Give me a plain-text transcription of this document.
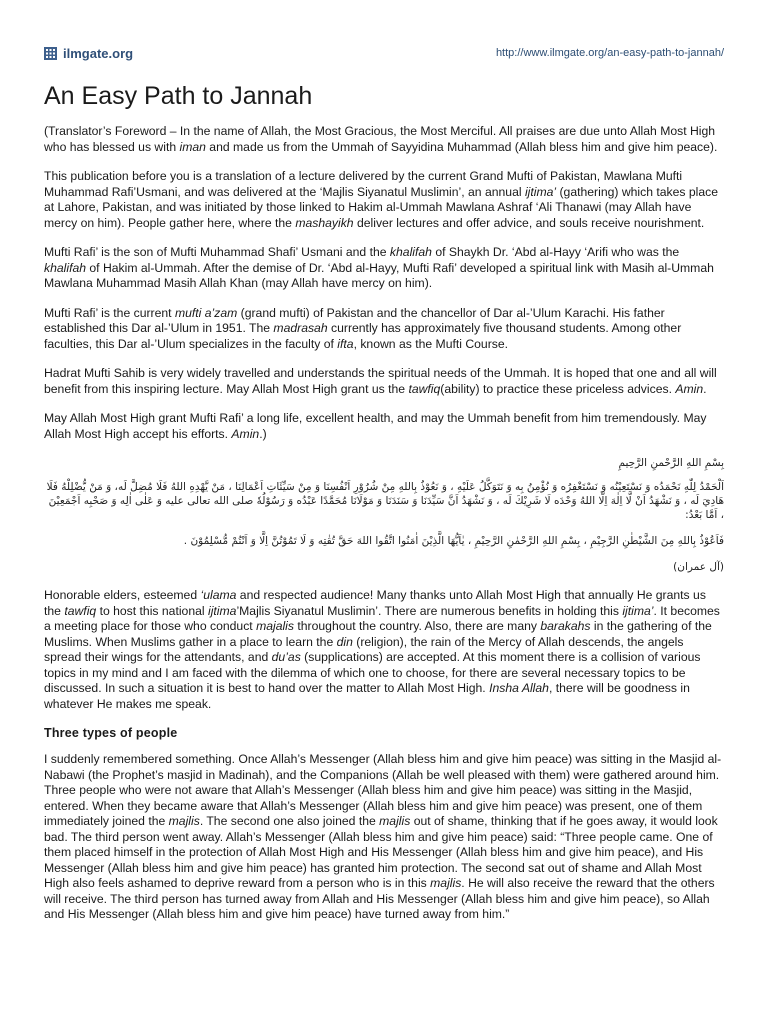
ilmgate.org	http://www.ilmgate.org/an-easy-path-to-jannah/
An Easy Path to Jannah

(Translator’s Foreword – In the name of Allah, the Most Gracious, the Most Merciful. All praises are due unto Allah Most High who has blessed us with iman and made us from the Ummah of Sayyidina Muhammad (Allah bless him and give him peace).

This publication before you is a translation of a lecture delivered by the current Grand Mufti of Pakistan, Mawlana Mufti Muhammad Rafi’Usmani, and was delivered at the ‘Majlis Siyanatul Muslimin’, an annual ijtima’ (gathering) which takes place at Lahore, Pakistan, and was initiated by those linked to Hakim al-Ummah Mawlana Ashraf ‘Ali Thanawi (may Allah have mercy on him). People gather here, where the mashayikh deliver lectures and offer advice, and souls receive nourishment.

Mufti Rafi’ is the son of Mufti Muhammad Shafi’ Usmani and the khalifah of Shaykh Dr. ‘Abd al-Hayy ‘Arifi who was the khalifah of Hakim al-Ummah. After the demise of Dr. ‘Abd al-Hayy, Mufti Rafi’ developed a spiritual link with Masih al-Ummah Mawlana Muhammad Masih Allah Khan (may Allah have mercy on him).

Mufti Rafi’ is the current mufti a’zam (grand mufti) of Pakistan and the chancellor of Dar al-’Ulum Karachi. His father established this Dar al-’Ulum in 1951. The madrasah currently has approximately five thousand students. Among other faculties, this Dar al-’Ulum specializes in the faculty of ifta, known as the Mufti Course.

Hadrat Mufti Sahib is very widely travelled and understands the spiritual needs of the Ummah. It is hoped that one and all will benefit from this inspiring lecture. May Allah Most High grant us the tawfiq(ability) to practice these priceless advices. Amin.

May Allah Most High grant Mufti Rafi’ a long life, excellent health, and may the Ummah benefit from him tremendously. May Allah Most High accept his efforts. Amin.)

بِسْمِ اللهِ الرَّحْمنِ الرَّحِيمِ
اَلْحَمْدُ لِلّٰهِ نَحْمَدُه وَ نَسْتَعِيْنُه وَ نَسْتَغْفِرُه وَ نُؤْمِنُ بِه وَ نَتَوَكَّلُ عَلَيْهِ ، وَ نَعُوْذُ بِاللهِ مِنْ شُرُوْرِ اَنْفُسِنَا وَ مِنْ سَيِّئَاتِ اَعْمَالِنَا ، مَنْ يَّهْدِهِ اللهُ فَلَا مُضِلَّ لَه، وَ مَنْ يُّضْلِلْهُ فَلَا هَادِيَ لَه ، وَ نَشْهَدُ اَنْ لَّا اِلٰهَ اِلَّا اللهُ وَحْدَه لَا شَرِيْكَ لَه ، وَ نَشْهَدُ اَنَّ سَيِّدَنَا وَ سَنَدَنَا وَ مَوْلَانَا مُحَمَّدًا عَبْدُه وَ رَسُوْلُهٗ صلى الله تعالى عليه وَ عَلٰى اٰلِه وَ صَحْبِه اَجْمَعِيْنَ ، اَمَّا بَعْدُ:
فَاَعُوْذُ بِاللهِ مِنَ الشَّيْطٰنِ الرَّجِيْمِ ، بِسْمِ اللهِ الرَّحْمٰنِ الرَّحِيْمِ ، يٰاَيُّهَا الَّذِيْنَ اٰمَنُوا اتَّقُوا اللهَ حَقَّ تُقٰتِه وَ لَا تَمُوْتُنَّ اِلَّا وَ اَنْتُمْ مُّسْلِمُوْنَ .
(آل عمران)

Honorable elders, esteemed ‘ulama and respected audience! Many thanks unto Allah Most High that annually He grants us the tawfiq to host this national ijtima’Majlis Siyanatul Muslimin’. There are numerous benefits in holding this ijtima’. It becomes a meeting place for those who conduct majalis throughout the country. Also, there are many barakahs in the gathering of the Muslims. When Muslims gather in a place to learn the din (religion), the rain of the Mercy of Allah descends, the angels spread their wings for the attendants, and du’as (supplications) are accepted. At this moment there is a collision of various topics in my mind and I am faced with the dilemma of which one to choose, for there are several necessary topics to be discussed. In such a situation it is best to hand over the matter to Allah Most High. Insha Allah, there will be goodness in whatever He makes me speak.

Three types of people

I suddenly remembered something. Once Allah’s Messenger (Allah bless him and give him peace) was sitting in the Masjid al-Nabawi (the Prophet’s masjid in Madinah), and the Companions (Allah be well pleased with them) were gathered around him. Three people who were not aware that Allah’s Messenger (Allah bless him and give him peace) was sitting in the Masjid, entered. When they became aware that Allah’s Messenger (Allah bless him and give him peace) was present, one of them immediately joined the majlis. The second one also joined the majlis out of shame, thinking that if he goes away, it would look bad. The third person went away. Allah’s Messenger (Allah bless him and give him peace) said: “Three people came. One of them placed himself in the protection of Allah Most High and His Messenger (Allah bless him and give him peace), and His Messenger (Allah bless him and give him peace) has granted him protection. The second sat out of shame and Allah Most High also feels ashamed to deprive reward from a person who is in this majlis. He will also receive the reward that the others will receive. The third person has turned away from Allah and His Messenger (Allah bless him and give him peace), so Allah and His Messenger (Allah bless him and give him peace) have turned away from him.”
